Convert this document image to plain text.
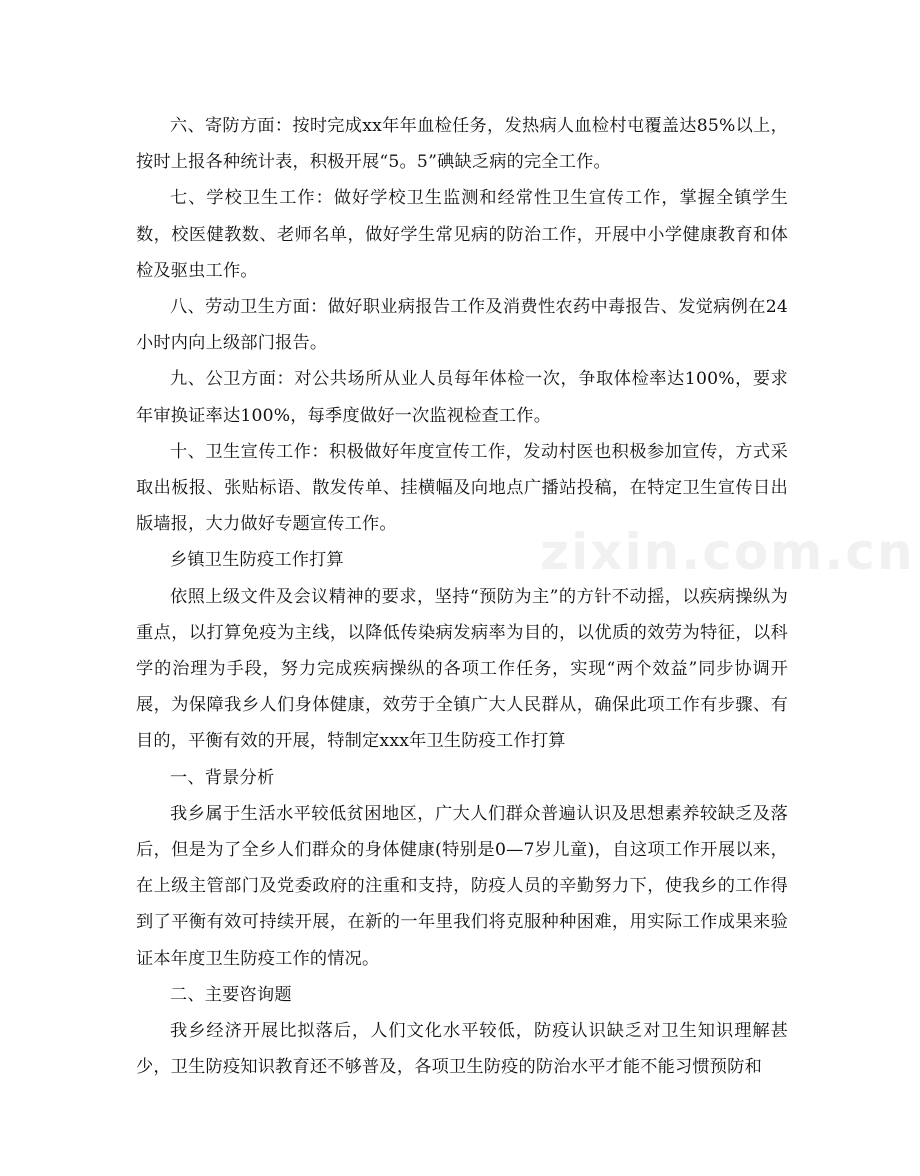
六、寄防方面：按时完成xx年年血检任务，发热病人血检村屯覆盖达85%以上，按时上报各种统计表，积极开展“5。5”碘缺乏病的完全工作。

七、学校卫生工作：做好学校卫生监测和经常性卫生宣传工作，掌握全镇学生数，校医健教数、老师名单，做好学生常见病的防治工作，开展中小学健康教育和体检及驱虫工作。

八、劳动卫生方面：做好职业病报告工作及消费性农药中毒报告、发觉病例在24小时内向上级部门报告。

九、公卫方面：对公共场所从业人员每年体检一次，争取体检率达100%，要求年审换证率达100%，每季度做好一次监视检查工作。

十、卫生宣传工作：积极做好年度宣传工作，发动村医也积极参加宣传，方式采取出板报、张贴标语、散发传单、挂横幅及向地点广播站投稿，在特定卫生宣传日出版墙报，大力做好专题宣传工作。

乡镇卫生防疫工作打算

依照上级文件及会议精神的要求，坚持“预防为主”的方针不动摇，以疾病操纵为重点，以打算免疫为主线，以降低传染病发病率为目的，以优质的效劳为特征，以科学的治理为手段，努力完成疾病操纵的各项工作任务，实现“两个效益”同步协调开展，为保障我乡人们身体健康，效劳于全镇广大人民群从，确保此项工作有步骤、有目的，平衡有效的开展，特制定xxx年卫生防疫工作打算

一、背景分析

我乡属于生活水平较低贫困地区，广大人们群众普遍认识及思想素养较缺乏及落后，但是为了全乡人们群众的身体健康(特别是0—7岁儿童)，自这项工作开展以来，在上级主管部门及党委政府的注重和支持，防疫人员的辛勤努力下，使我乡的工作得到了平衡有效可持续开展，在新的一年里我们将克服种种困难，用实际工作成果来验证本年度卫生防疫工作的情况。

二、主要咨询题

我乡经济开展比拟落后，人们文化水平较低，防疫认识缺乏对卫生知识理解甚少，卫生防疫知识教育还不够普及，各项卫生防疫的防治水平才能不能习惯预防和

zixin.com.cn
